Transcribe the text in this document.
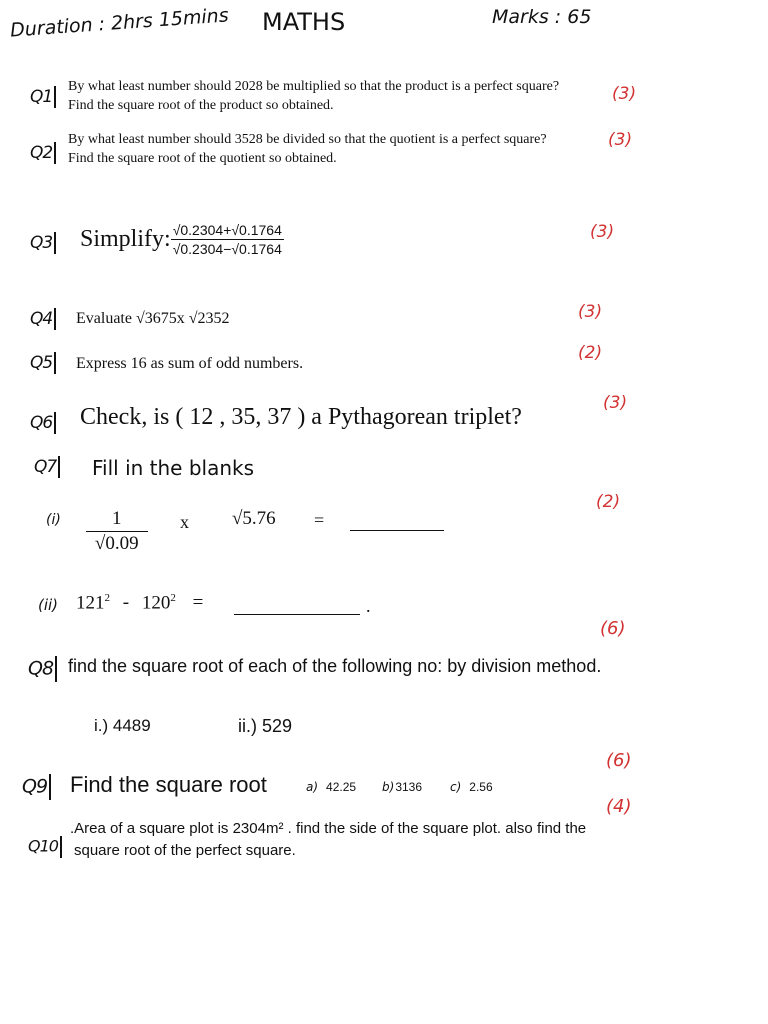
Duration : 2hrs 15mins MATHS	Marks : 65
Q1
By what least number should 2028 be multiplied so that the product is a perfect square?
Find the square root of the product so obtained.
(3)
Q2
By what least number should 3528 be divided so that the quotient is a perfect square?
Find the square root of the quotient so obtained.
(3)
Q3 Simplify: $\frac{√0.2304+√0.1764}{√0.2304-√0.1764}$	(3)
Q4 Evaluate √3675x √2352	(3)
Q5 Express 16 as sum of odd numbers.
(2)
Q6 Check, is ( 12 , 35, 37 ) a Pythagorean triplet?
(3)
Q7 Fill in the blanks
(2)
$(i) \frac{1}{√0.09}$ x √5.76 =
(ii) $121^2 - 120^2$ =	.
(6)
Q8 find the square root of each of the following no: by division method.
i.) 4489	ii.) 529
(6)
Q9 Find the square root	a) 42.25 b)3136 c) 2.56
(4)
Q10
.Area of a square plot is 2304m² . find the side of the square plot. also find the
square root of the perfect square.
